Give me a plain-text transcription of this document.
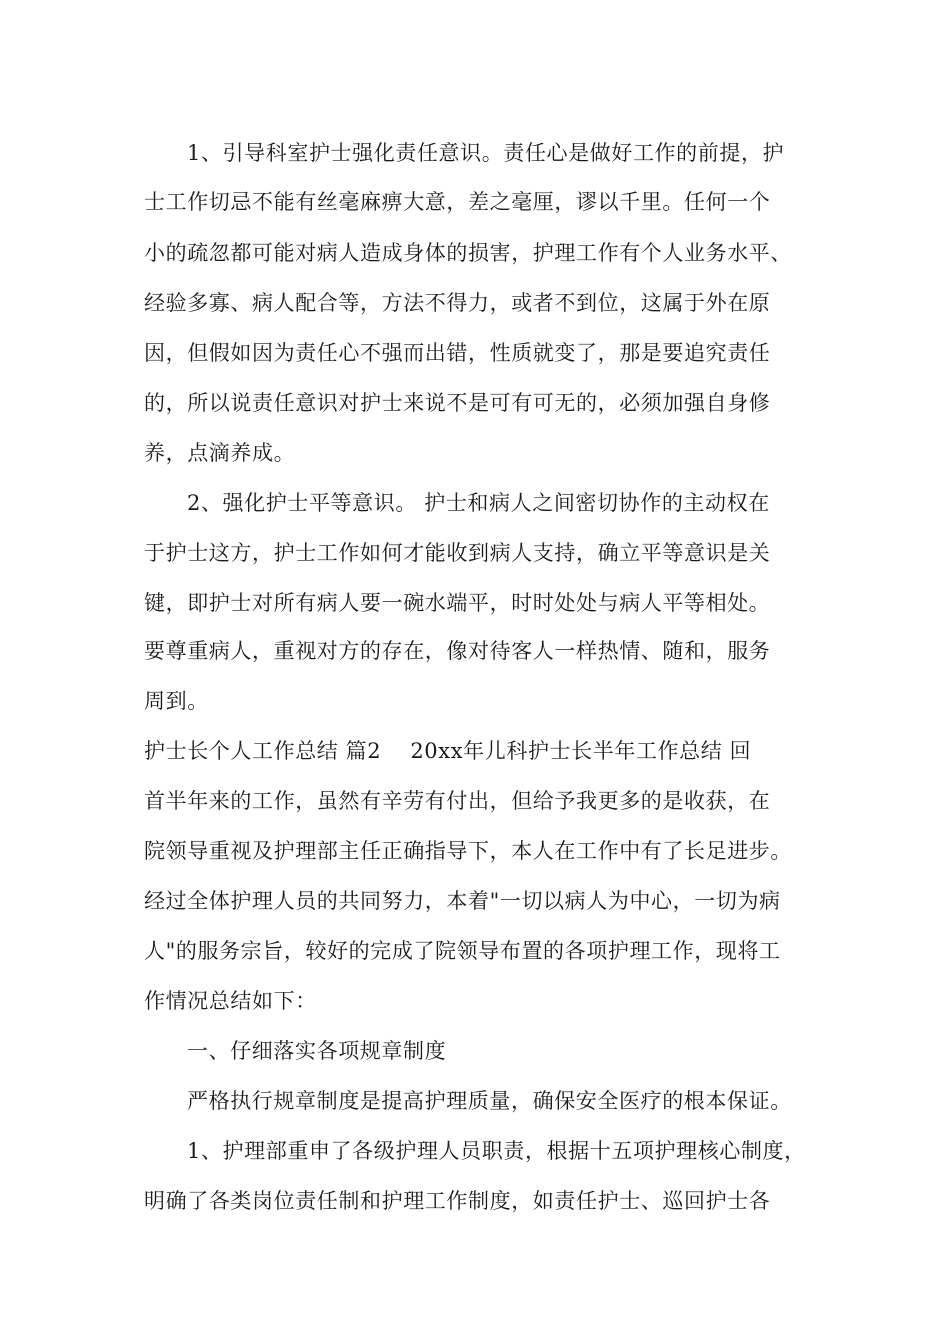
1、引导科室护士强化责任意识。责任心是做好工作的前提，护

士工作切忌不能有丝毫麻痹大意，差之毫厘，谬以千里。任何一个

小的疏忽都可能对病人造成身体的损害，护理工作有个人业务水平、

经验多寡、病人配合等，方法不得力，或者不到位，这属于外在原

因，但假如因为责任心不强而出错，性质就变了，那是要追究责任

的，所以说责任意识对护士来说不是可有可无的，必须加强自身修

养，点滴养成。

2、强化护士平等意识。 护士和病人之间密切协作的主动权在

于护士这方，护士工作如何才能收到病人支持，确立平等意识是关

键，即护士对所有病人要一碗水端平，时时处处与病人平等相处。

要尊重病人，重视对方的存在，像对待客人一样热情、随和，服务

周到。

护士长个人工作总结 篇2    20xx年儿科护士长半年工作总结 回

首半年来的工作，虽然有辛劳有付出，但给予我更多的是收获，在

院领导重视及护理部主任正确指导下，本人在工作中有了长足进步。

经过全体护理人员的共同努力，本着"一切以病人为中心，一切为病

人"的服务宗旨，较好的完成了院领导布置的各项护理工作，现将工

作情况总结如下：

一、仔细落实各项规章制度

严格执行规章制度是提高护理质量，确保安全医疗的根本保证。

1、护理部重申了各级护理人员职责，根据十五项护理核心制度，

明确了各类岗位责任制和护理工作制度，如责任护士、巡回护士各
